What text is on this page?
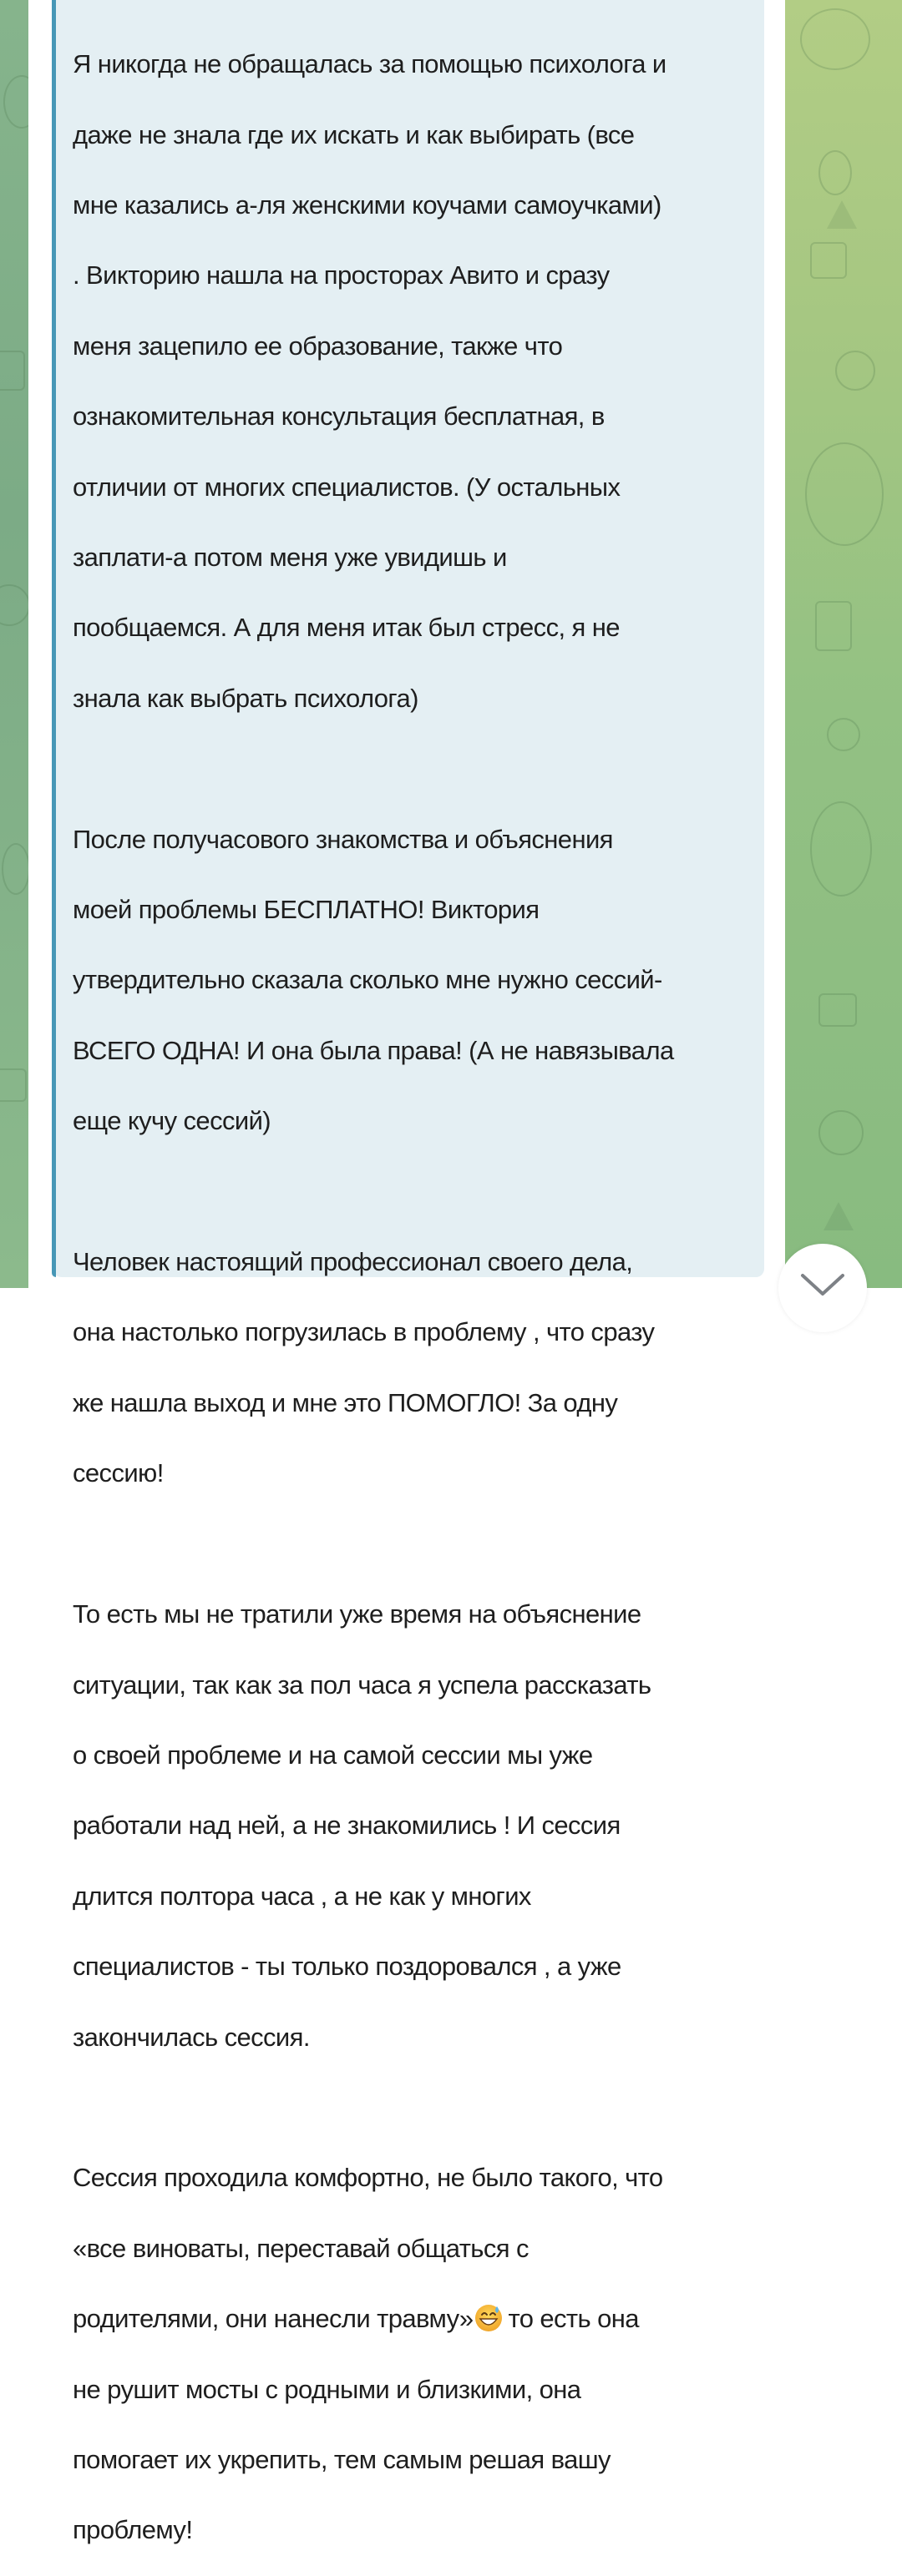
Я никогда не обращалась за помощью психолога и

даже не знала где их искать и как выбирать (все

мне казались а-ля женскими коучами самоучками)

. Викторию нашла на просторах Авито и сразу

меня зацепило ее образование, также что

ознакомительная консультация бесплатная, в

отличии от многих специалистов. (У остальных

заплати-а потом меня уже увидишь и

пообщаемся. А для меня итак был стресс, я не

знала как выбрать психолога)

После получасового знакомства и объяснения

моей проблемы БЕСПЛАТНО! Виктория

утвердительно сказала сколько мне нужно сессий-

ВСЕГО ОДНА! И она была права! (А не навязывала

еще кучу сессий)

Человек настоящий профессионал своего дела,

она настолько погрузилась в проблему , что сразу

же нашла выход и мне это ПОМОГЛО! За одну

сессию!

То есть мы не тратили уже время на объяснение

ситуации, так как за пол часа я успела рассказать

о своей проблеме и на самой сессии мы уже

работали над ней, а не знакомились ! И сессия

длится полтора часа , а не как у многих

специалистов - ты только поздоровался , а уже

закончилась сессия.

Сессия проходила комфортно, не было такого, что

«все виноваты, переставай общаться с

родителями, они нанесли травму» то есть она

не рушит мосты с родными и близкими, она

помогает их укрепить, тем самым решая вашу

проблему!
